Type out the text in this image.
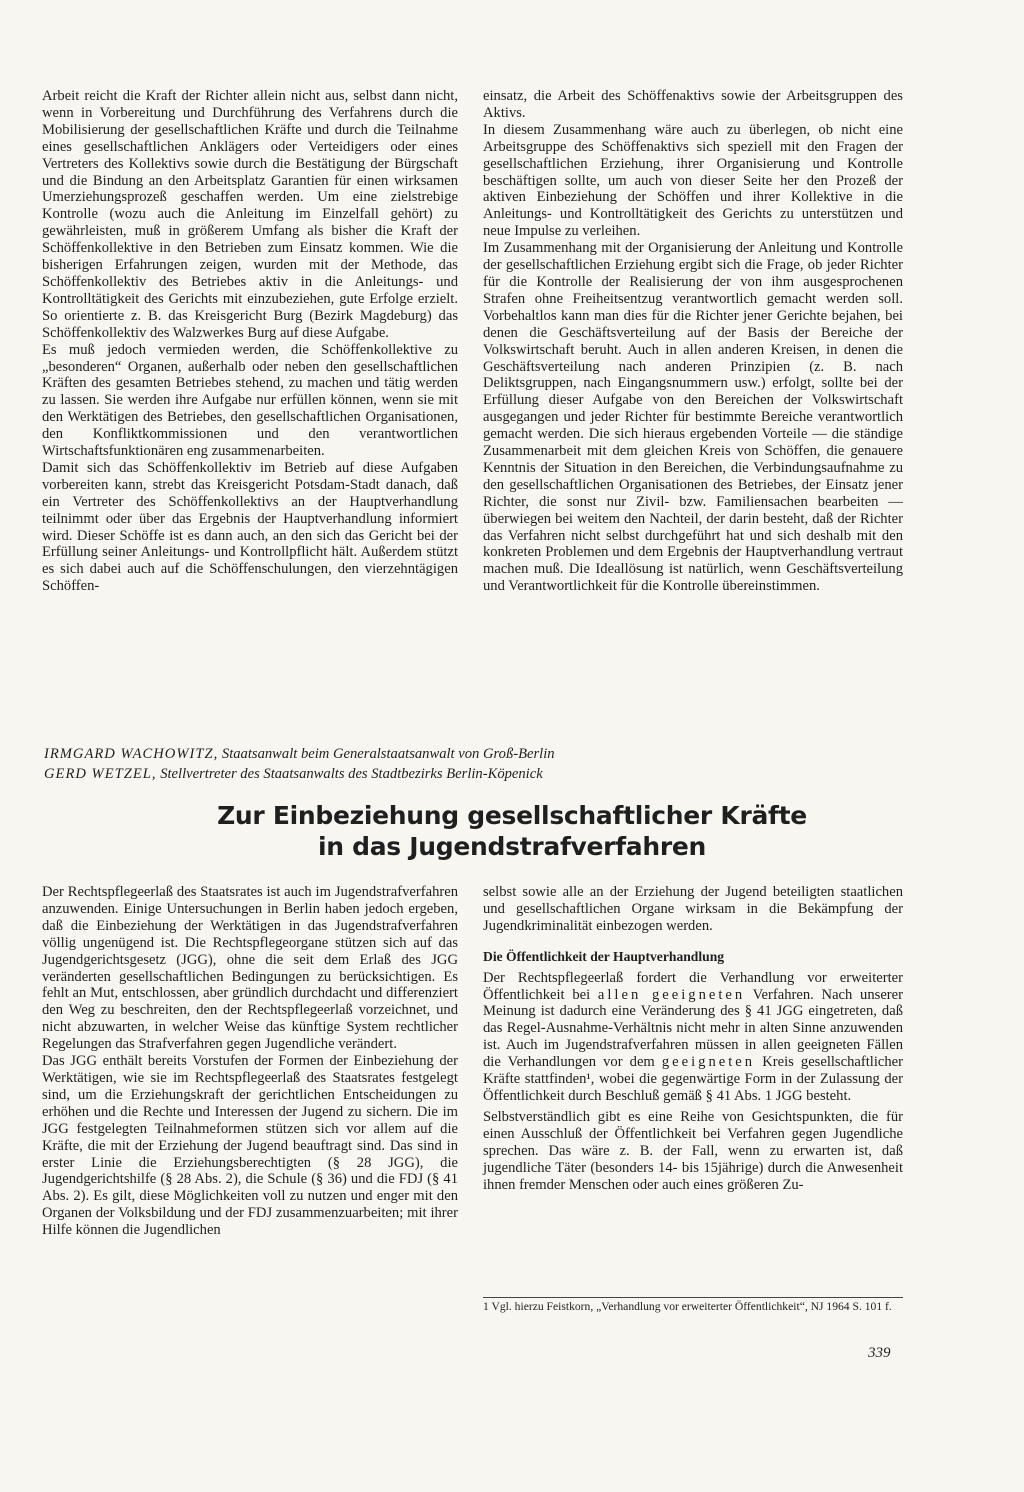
Arbeit reicht die Kraft der Richter allein nicht aus, selbst dann nicht, wenn in Vorbereitung und Durchführung des Verfahrens durch die Mobilisierung der gesellschaftlichen Kräfte und durch die Teilnahme eines gesellschaftlichen Anklägers oder Verteidigers oder eines Vertreters des Kollektivs sowie durch die Bestätigung der Bürgschaft und die Bindung an den Arbeitsplatz Garantien für einen wirksamen Umerziehungsprozeß geschaffen werden. Um eine zielstrebige Kontrolle (wozu auch die Anleitung im Einzelfall gehört) zu gewährleisten, muß in größerem Umfang als bisher die Kraft der Schöffenkollektive in den Betrieben zum Einsatz kommen. Wie die bisherigen Erfahrungen zeigen, wurden mit der Methode, das Schöffenkollektiv des Betriebes aktiv in die Anleitungs- und Kontrolltätigkeit des Gerichts mit einzubeziehen, gute Erfolge erzielt. So orientierte z. B. das Kreisgericht Burg (Bezirk Magdeburg) das Schöffenkollektiv des Walzwerkes Burg auf diese Aufgabe.

Es muß jedoch vermieden werden, die Schöffenkollektive zu „besonderen“ Organen, außerhalb oder neben den gesellschaftlichen Kräften des gesamten Betriebes stehend, zu machen und tätig werden zu lassen. Sie werden ihre Aufgabe nur erfüllen können, wenn sie mit den Werktätigen des Betriebes, den gesellschaftlichen Organisationen, den Konfliktkommissionen und den verantwortlichen Wirtschaftsfunktionären eng zusammenarbeiten.

Damit sich das Schöffenkollektiv im Betrieb auf diese Aufgaben vorbereiten kann, strebt das Kreisgericht Potsdam-Stadt danach, daß ein Vertreter des Schöffenkollektivs an der Hauptverhandlung teilnimmt oder über das Ergebnis der Hauptverhandlung informiert wird. Dieser Schöffe ist es dann auch, an den sich das Gericht bei der Erfüllung seiner Anleitungs- und Kontrollpflicht hält. Außerdem stützt es sich dabei auch auf die Schöffenschulungen, den vierzehntägigen Schöffen-

einsatz, die Arbeit des Schöffenaktivs sowie der Arbeitsgruppen des Aktivs.

In diesem Zusammenhang wäre auch zu überlegen, ob nicht eine Arbeitsgruppe des Schöffenaktivs sich speziell mit den Fragen der gesellschaftlichen Erziehung, ihrer Organisierung und Kontrolle beschäftigen sollte, um auch von dieser Seite her den Prozeß der aktiven Einbeziehung der Schöffen und ihrer Kollektive in die Anleitungs- und Kontrolltätigkeit des Gerichts zu unterstützen und neue Impulse zu verleihen.

Im Zusammenhang mit der Organisierung der Anleitung und Kontrolle der gesellschaftlichen Erziehung ergibt sich die Frage, ob jeder Richter für die Kontrolle der Realisierung der von ihm ausgesprochenen Strafen ohne Freiheitsentzug verantwortlich gemacht werden soll. Vorbehaltlos kann man dies für die Richter jener Gerichte bejahen, bei denen die Geschäftsverteilung auf der Basis der Bereiche der Volkswirtschaft beruht. Auch in allen anderen Kreisen, in denen die Geschäftsverteilung nach anderen Prinzipien (z. B. nach Deliktsgruppen, nach Eingangsnummern usw.) erfolgt, sollte bei der Erfüllung dieser Aufgabe von den Bereichen der Volkswirtschaft ausgegangen und jeder Richter für bestimmte Bereiche verantwortlich gemacht werden. Die sich hieraus ergebenden Vorteile — die ständige Zusammenarbeit mit dem gleichen Kreis von Schöffen, die genauere Kenntnis der Situation in den Bereichen, die Verbindungsaufnahme zu den gesellschaftlichen Organisationen des Betriebes, der Einsatz jener Richter, die sonst nur Zivil- bzw. Familiensachen bearbeiten — überwiegen bei weitem den Nachteil, der darin besteht, daß der Richter das Verfahren nicht selbst durchgeführt hat und sich deshalb mit den konkreten Problemen und dem Ergebnis der Hauptverhandlung vertraut machen muß. Die Ideallösung ist natürlich, wenn Geschäftsverteilung und Verantwortlichkeit für die Kontrolle übereinstimmen.

IRMGARD WACHOWITZ, Staatsanwalt beim Generalstaatsanwalt von Groß-Berlin
GERD WETZEL, Stellvertreter des Staatsanwalts des Stadtbezirks Berlin-Köpenick
Zur Einbeziehung gesellschaftlicher Kräfte
in das Jugendstrafverfahren

Der Rechtspflegeerlaß des Staatsrates ist auch im Jugendstrafverfahren anzuwenden. Einige Untersuchungen in Berlin haben jedoch ergeben, daß die Einbeziehung der Werktätigen in das Jugendstrafverfahren völlig ungenügend ist. Die Rechtspflegeorgane stützen sich auf das Jugendgerichtsgesetz (JGG), ohne die seit dem Erlaß des JGG veränderten gesellschaftlichen Bedingungen zu berücksichtigen. Es fehlt an Mut, entschlossen, aber gründlich durchdacht und differenziert den Weg zu beschreiten, den der Rechtspflegeerlaß vorzeichnet, und nicht abzuwarten, in welcher Weise das künftige System rechtlicher Regelungen das Strafverfahren gegen Jugendliche verändert.

Das JGG enthält bereits Vorstufen der Formen der Einbeziehung der Werktätigen, wie sie im Rechtspflegeerlaß des Staatsrates festgelegt sind, um die Erziehungskraft der gerichtlichen Entscheidungen zu erhöhen und die Rechte und Interessen der Jugend zu sichern. Die im JGG festgelegten Teilnahmeformen stützen sich vor allem auf die Kräfte, die mit der Erziehung der Jugend beauftragt sind. Das sind in erster Linie die Erziehungsberechtigten (§ 28 JGG), die Jugendgerichtshilfe (§ 28 Abs. 2), die Schule (§ 36) und die FDJ (§ 41 Abs. 2). Es gilt, diese Möglichkeiten voll zu nutzen und enger mit den Organen der Volksbildung und der FDJ zusammenzuarbeiten; mit ihrer Hilfe können die Jugendlichen

selbst sowie alle an der Erziehung der Jugend beteiligten staatlichen und gesellschaftlichen Organe wirksam in die Bekämpfung der Jugendkriminalität einbezogen werden.

Die Öffentlichkeit der Hauptverhandlung

Der Rechtspflegeerlaß fordert die Verhandlung vor erweiterter Öffentlichkeit bei allen geeigneten Verfahren. Nach unserer Meinung ist dadurch eine Veränderung des § 41 JGG eingetreten, daß das Regel-Ausnahme-Verhältnis nicht mehr in alten Sinne anzuwenden ist. Auch im Jugendstrafverfahren müssen in allen geeigneten Fällen die Verhandlungen vor dem geeigneten Kreis gesellschaftlicher Kräfte stattfinden¹, wobei die gegenwärtige Form in der Zulassung der Öffentlichkeit durch Beschluß gemäß § 41 Abs. 1 JGG besteht.

Selbstverständlich gibt es eine Reihe von Gesichtspunkten, die für einen Ausschluß der Öffentlichkeit bei Verfahren gegen Jugendliche sprechen. Das wäre z. B. der Fall, wenn zu erwarten ist, daß jugendliche Täter (besonders 14- bis 15jährige) durch die Anwesenheit ihnen fremder Menschen oder auch eines größeren Zu-

1 Vgl. hierzu Feistkorn, „Verhandlung vor erweiterter Öffentlichkeit“, NJ 1964 S. 101 f.
339
